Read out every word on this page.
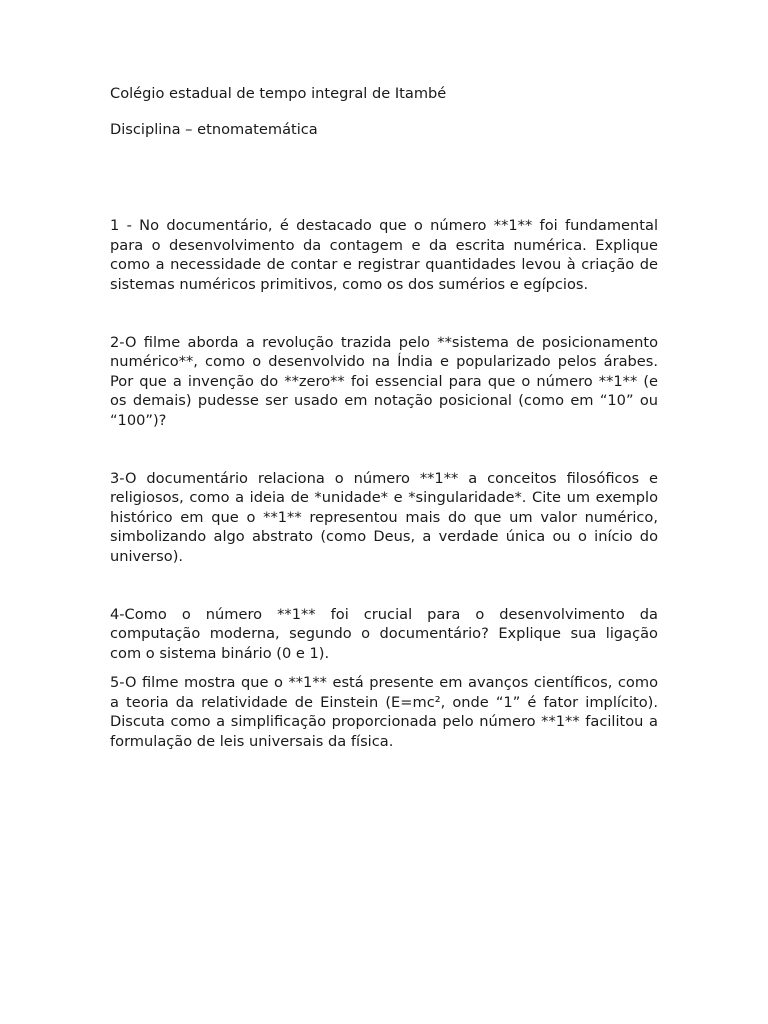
Colégio estadual de tempo integral de Itambé

Disciplina – etnomatemática

1 - No documentário, é destacado que o número **1** foi fundamental para o desenvolvimento da contagem e da escrita numérica. Explique como a necessidade de contar e registrar quantidades levou à criação de sistemas numéricos primitivos, como os dos sumérios e egípcios.

2-O filme aborda a revolução trazida pelo **sistema de posicionamento numérico**, como o desenvolvido na Índia e popularizado pelos árabes. Por que a invenção do **zero** foi essencial para que o número **1** (e os demais) pudesse ser usado em notação posicional (como em “10” ou “100”)?

3-O documentário relaciona o número **1** a conceitos filosóficos e religiosos, como a ideia de *unidade* e *singularidade*. Cite um exemplo histórico em que o **1** representou mais do que um valor numérico, simbolizando algo abstrato (como Deus, a verdade única ou o início do universo).

4-Como o número **1** foi crucial para o desenvolvimento da computação moderna, segundo o documentário? Explique sua ligação com o sistema binário (0 e 1).

5-O filme mostra que o **1** está presente em avanços científicos, como a teoria da relatividade de Einstein (E=mc², onde “1” é fator implícito). Discuta como a simplificação proporcionada pelo número **1** facilitou a formulação de leis universais da física.
